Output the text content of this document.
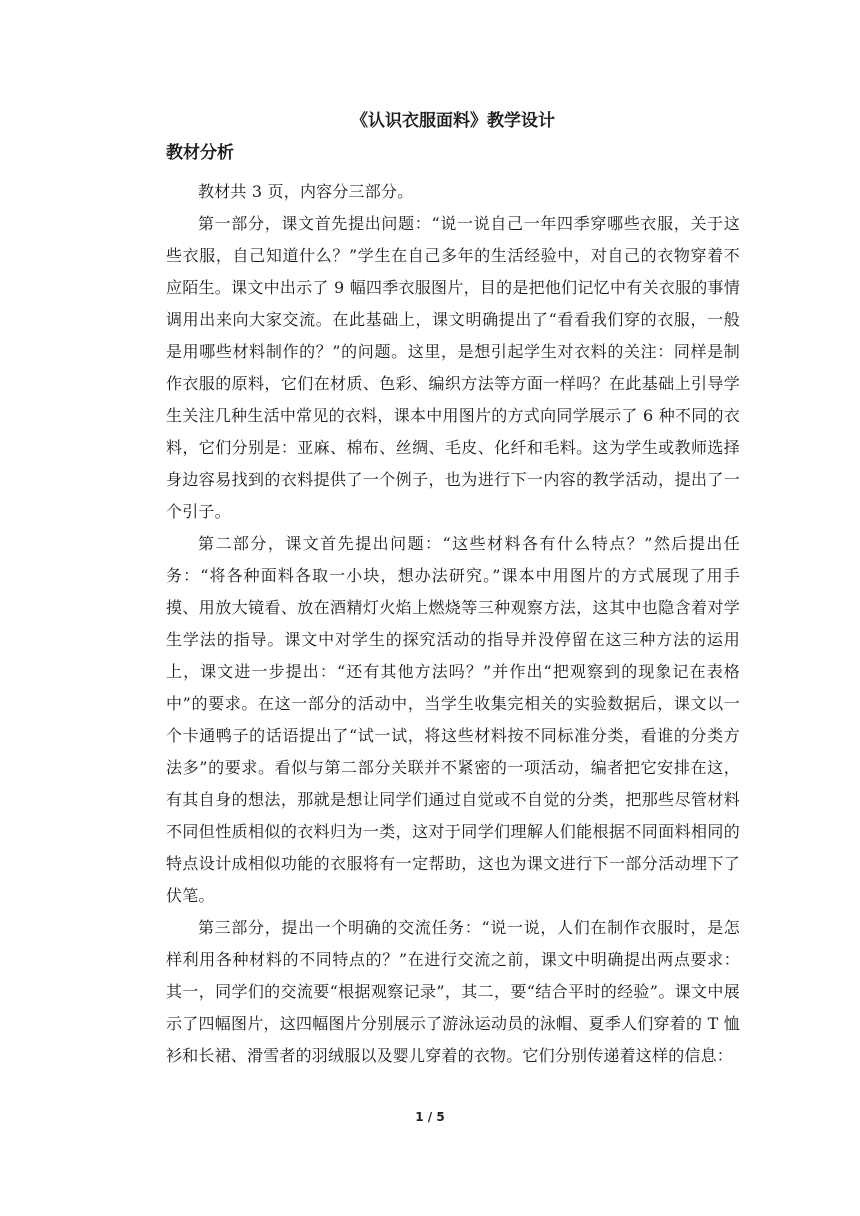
《认识衣服面料》教学设计
教材分析

教材共 3 页，内容分三部分。

第一部分，课文首先提出问题：“说一说自己一年四季穿哪些衣服，关于这些衣服，自己知道什么？”学生在自己多年的生活经验中，对自己的衣物穿着不应陌生。课文中出示了 9 幅四季衣服图片，目的是把他们记忆中有关衣服的事情调用出来向大家交流。在此基础上，课文明确提出了“看看我们穿的衣服，一般是用哪些材料制作的？”的问题。这里，是想引起学生对衣料的关注：同样是制作衣服的原料，它们在材质、色彩、编织方法等方面一样吗？在此基础上引导学生关注几种生活中常见的衣料，课本中用图片的方式向同学展示了 6 种不同的衣料，它们分别是：亚麻、棉布、丝绸、毛皮、化纤和毛料。这为学生或教师选择身边容易找到的衣料提供了一个例子，也为进行下一内容的教学活动，提出了一个引子。

第二部分，课文首先提出问题：“这些材料各有什么特点？”然后提出任务：“将各种面料各取一小块，想办法研究。”课本中用图片的方式展现了用手摸、用放大镜看、放在酒精灯火焰上燃烧等三种观察方法，这其中也隐含着对学生学法的指导。课文中对学生的探究活动的指导并没停留在这三种方法的运用上，课文进一步提出：“还有其他方法吗？”并作出“把观察到的现象记在表格中”的要求。在这一部分的活动中，当学生收集完相关的实验数据后，课文以一个卡通鸭子的话语提出了“试一试，将这些材料按不同标准分类，看谁的分类方法多”的要求。看似与第二部分关联并不紧密的一项活动，编者把它安排在这，有其自身的想法，那就是想让同学们通过自觉或不自觉的分类，把那些尽管材料不同但性质相似的衣料归为一类，这对于同学们理解人们能根据不同面料相同的特点设计成相似功能的衣服将有一定帮助，这也为课文进行下一部分活动埋下了伏笔。

第三部分，提出一个明确的交流任务：“说一说，人们在制作衣服时，是怎样利用各种材料的不同特点的？”在进行交流之前，课文中明确提出两点要求：其一，同学们的交流要“根据观察记录”，其二，要“结合平时的经验”。课文中展示了四幅图片，这四幅图片分别展示了游泳运动员的泳帽、夏季人们穿着的 T 恤衫和长裙、滑雪者的羽绒服以及婴儿穿着的衣物。它们分别传递着这样的信息：

1 / 5
